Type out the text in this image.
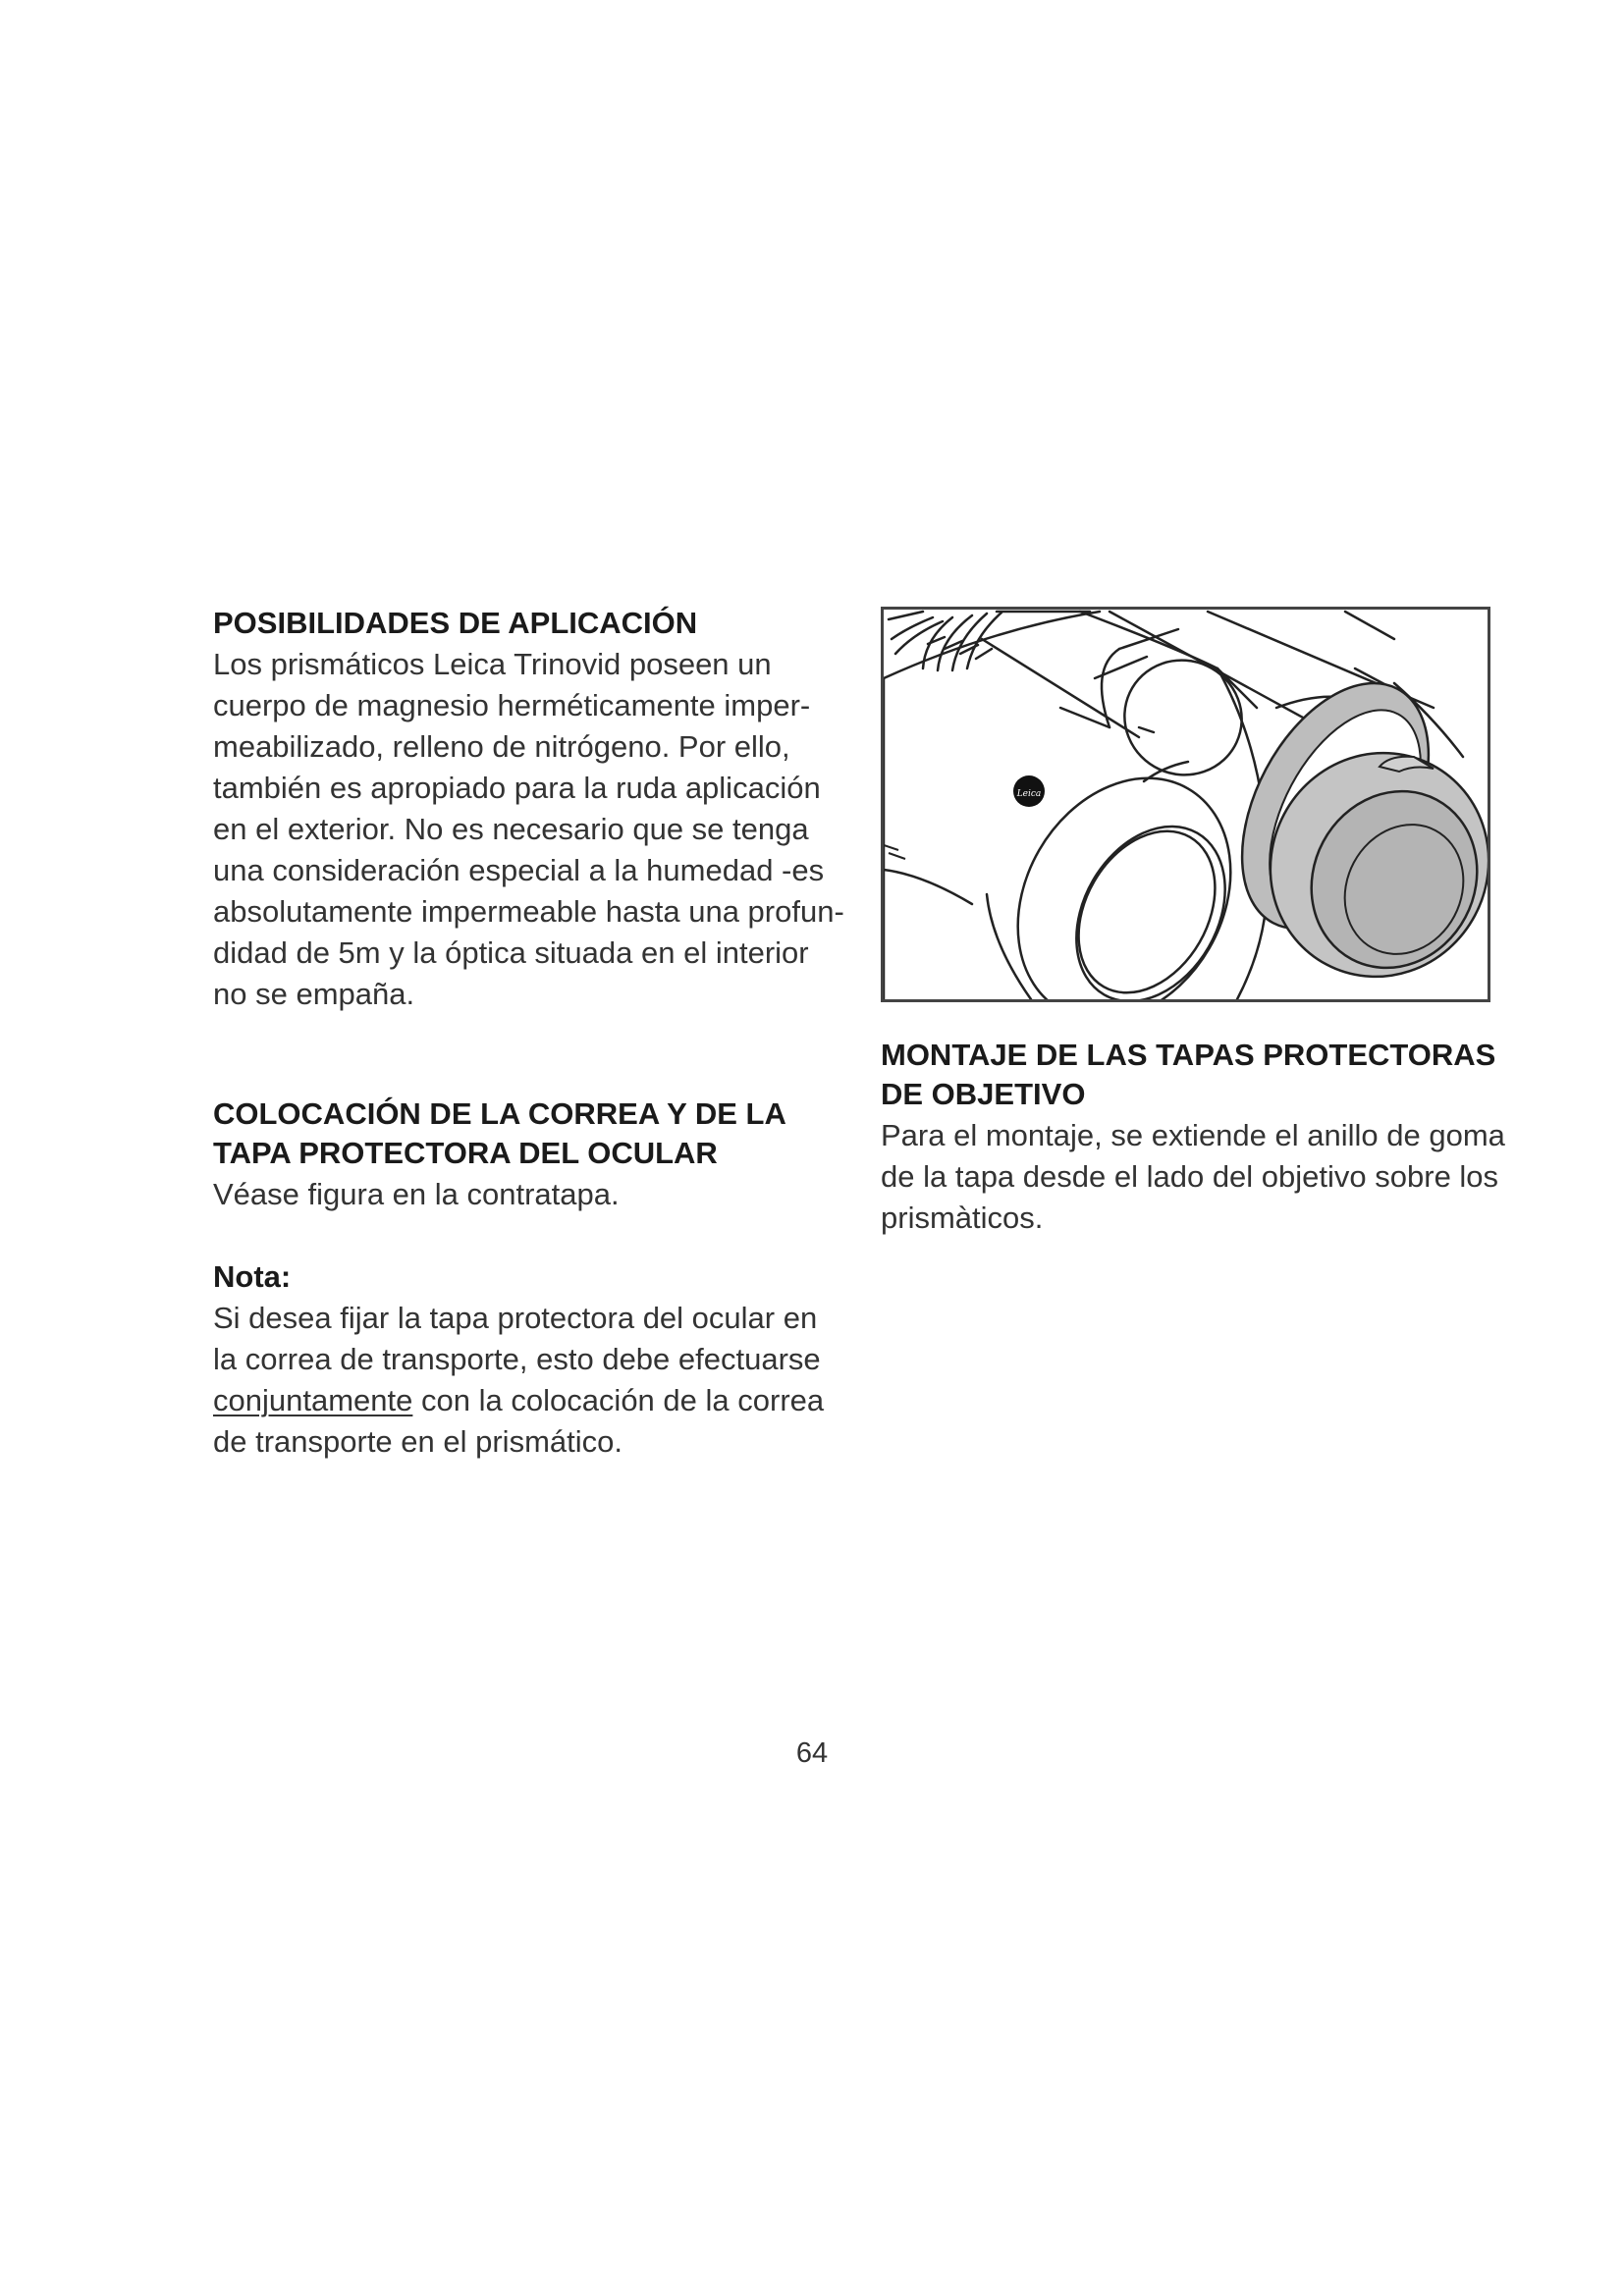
POSIBILIDADES DE APLICACIÓN

Los prismáticos Leica Trinovid poseen un

cuerpo de magnesio herméticamente imper-

meabilizado, relleno de nitrógeno. Por ello,

también es apropiado para la ruda aplicación

en el exterior. No es necesario que se tenga

una consideración especial a la humedad -es

absolutamente impermeable hasta una profun-

didad de 5m y la óptica situada en el interior

no se empaña.

COLOCACIÓN DE LA CORREA Y DE LA
TAPA PROTECTORA DEL OCULAR

Véase figura en la contratapa.

Nota:

Si desea fijar la tapa protectora del ocular en

la correa de transporte, esto debe efectuarse

conjuntamente con la colocación de la correa

de transporte en el prismático.

Leica
MONTAJE DE LAS TAPAS PROTECTORAS
DE OBJETIVO

Para el montaje, se extiende el anillo de goma

de la tapa desde el lado del objetivo sobre los

prismàticos.

64
